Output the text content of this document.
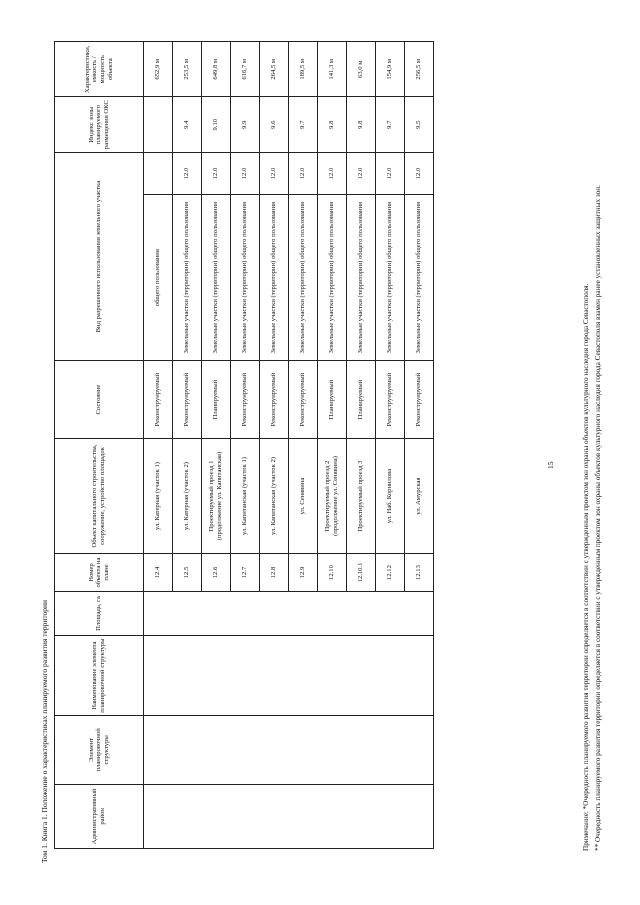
Том 1. Книга 1. Положение о характеристиках планируемого развития территории	Административный район	Элемент планировочной структуры	Наименование элемента планировочной структуры	Площадь, га	Номер объекта на плане	Объект капитального строительства, сооружение, устройство площадок	Состояние	Вид разрешенного использования земельного участка		Индекс зоны планируемого размещения ОКС	Характеристики, емкость / мощность объекта
				12.4	ул. Катерная (участок 1)	Реконструируемый	общего пользования			652,9 м
				12.5	ул. Катерная (участок 2)	Реконструируемый	Земельные участки (территории) общего пользования	12.0	9.4	253,5 м
				12.6	Проектируемый проезд 1 (продолжение ул. Капитанская)	Планируемый	Земельные участки (территории) общего пользования	12.0	9.10	649,8 м
				12.7	ул. Капитанская (участок 1)	Реконструируемый	Земельные участки (территории) общего пользования	12.0	9.9	616,7 м
				12.8	ул. Капитанская (участок 2)	Реконструируемый	Земельные участки (территории) общего пользования	12.0	9.6	264,5 м
				12.9	ул. Сенявина	Реконструируемый	Земельные участки (территории) общего пользования	12.0	9.7	189,5 м
				12.10	Проектируемый проезд 2 (продолжение ул. Сенявина)	Планируемый	Земельные участки (территории) общего пользования	12.0	9.8	141,3 м
				12.10.1	Проектируемый проезд 3	Планируемый	Земельные участки (территории) общего пользования	12.0	9.8	63,0 м
				12.12	ул. Наб. Корнилова	Реконструируемый	Земельные участки (территории) общего пользования	12.0	9.7	154,9 м
				12.13	ул. Амурская	Реконструируемый	Земельные участки (территории) общего пользования	12.0	9.5	256,5 м

Примечание: *Очередность планируемого развития территории определяется в соответствии с утвержденным проектом зон охраны объектов культурного наследия города Севастополя. ** Очередность планируемого развития территории определяется в соответствии с утвержденным проектом зон охраны объектов культурного наследия города Севастополя взамен ранее установленных защитных зон.

15
